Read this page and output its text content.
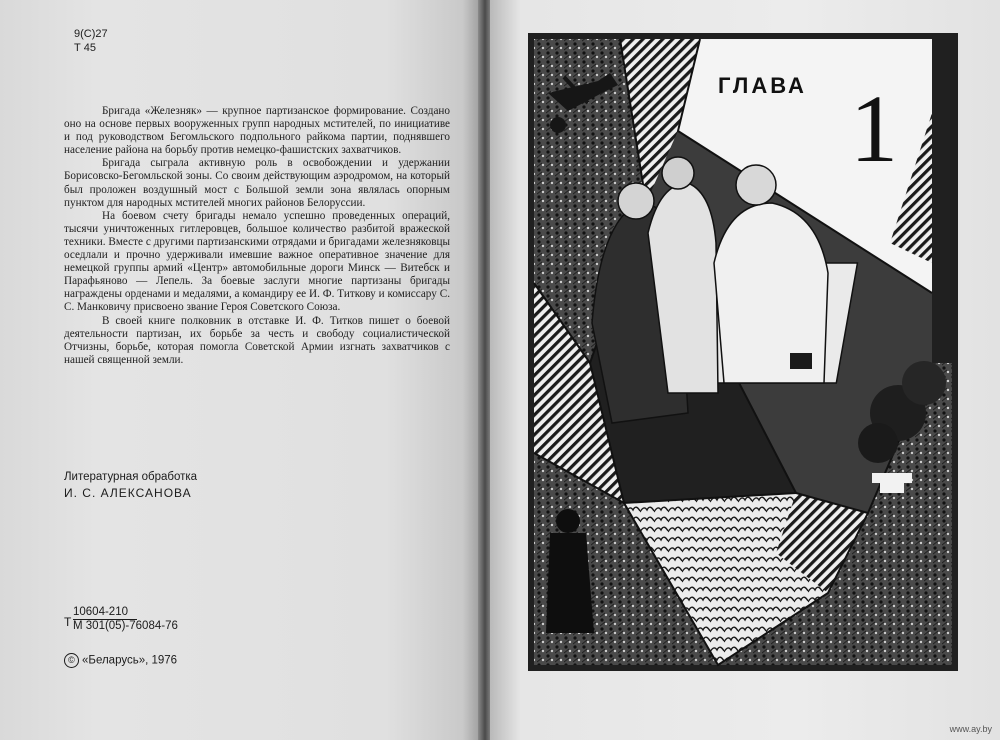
9(С)27
Т 45

Бригада «Железняк» — крупное партизанское формирование. Создано оно на основе первых вооруженных групп народных мстителей, по инициативе и под руководством Бегомльского подпольного райкома партии, поднявшего население района на борьбу против немецко-фашистских захватчиков.

Бригада сыграла активную роль в освобождении и удержании Борисовско-Бегомльской зоны. Со своим действующим аэродромом, на который был проложен воздушный мост с Большой земли зона являлась опорным пунктом для народных мстителей многих районов Белоруссии.

На боевом счету бригады немало успешно проведенных операций, тысячи уничтоженных гитлеровцев, большое количество разбитой вражеской техники. Вместе с другими партизанскими отрядами и бригадами железняковцы оседлали и прочно удерживали имевшие важное оперативное значение для немецкой группы армий «Центр» автомобильные дороги Минск — Витебск и Парафьяново — Лепель. За боевые заслуги многие партизаны бригады награждены орденами и медалями, а командиру ее И. Ф. Титкову и комиссару С. С. Манковичу присвоено звание Героя Советского Союза.

В своей книге полковник в отставке И. Ф. Титков пишет о боевой деятельности партизан, их борьбе за честь и свободу социалистической Отчизны, борьбе, которая помогла Советской Армии изгнать захватчиков с нашей священной земли.

Литературная обработка
И. С. АЛЕКСАНОВА
Т
10604-210
М 301(05)-76084-76
© «Беларусь», 1976
www.ay.by
ГЛАВА 1
